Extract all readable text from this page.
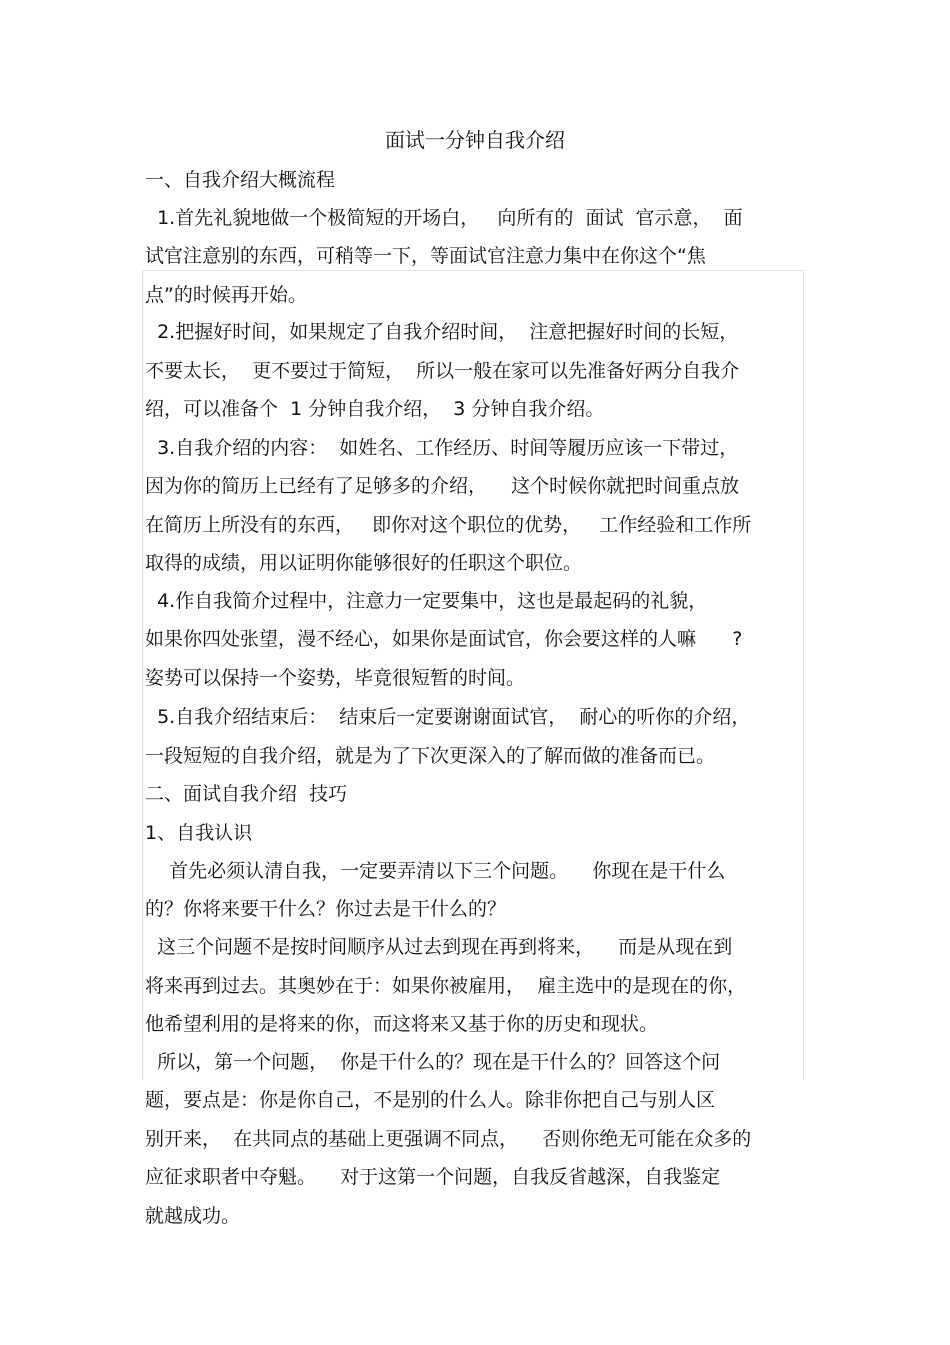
面试一分钟自我介绍
一、自我介绍大概流程
1.首先礼貌地做一个极简短的开场白，   向所有的  面试  官示意，  面
试官注意别的东西，可稍等一下，等面试官注意力集中在你这个“焦
点”的时候再开始。
2.把握好时间，如果规定了自我介绍时间，  注意把握好时间的长短，
不要太长，  更不要过于简短，  所以一般在家可以先准备好两分自我介
绍，可以准备个  1 分钟自我介绍，  3 分钟自我介绍。
3.自我介绍的内容：  如姓名、工作经历、时间等履历应该一下带过，
因为你的简历上已经有了足够多的介绍，    这个时候你就把时间重点放
在简历上所没有的东西，   即你对这个职位的优势，   工作经验和工作所
取得的成绩，用以证明你能够很好的任职这个职位。
4.作自我简介过程中，注意力一定要集中，这也是最起码的礼貌，
如果你四处张望，漫不经心，如果你是面试官，你会要这样的人嘛      ?
姿势可以保持一个姿势，毕竟很短暂的时间。
5.自我介绍结束后：  结束后一定要谢谢面试官，  耐心的听你的介绍，
一段短短的自我介绍，就是为了下次更深入的了解而做的准备而已。
二、面试自我介绍  技巧
1、自我认识
首先必须认清自我，一定要弄清以下三个问题。    你现在是干什么
的？你将来要干什么？你过去是干什么的？
这三个问题不是按时间顺序从过去到现在再到将来，    而是从现在到
将来再到过去。其奥妙在于：如果你被雇用，  雇主选中的是现在的你，
他希望利用的是将来的你，而这将来又基于你的历史和现状。
所以，第一个问题，  你是干什么的？现在是干什么的？回答这个问
题，要点是：你是你自己，不是别的什么人。除非你把自己与别人区
别开来，  在共同点的基础上更强调不同点，    否则你绝无可能在众多的
应征求职者中夺魁。    对于这第一个问题，自我反省越深，自我鉴定
就越成功。
